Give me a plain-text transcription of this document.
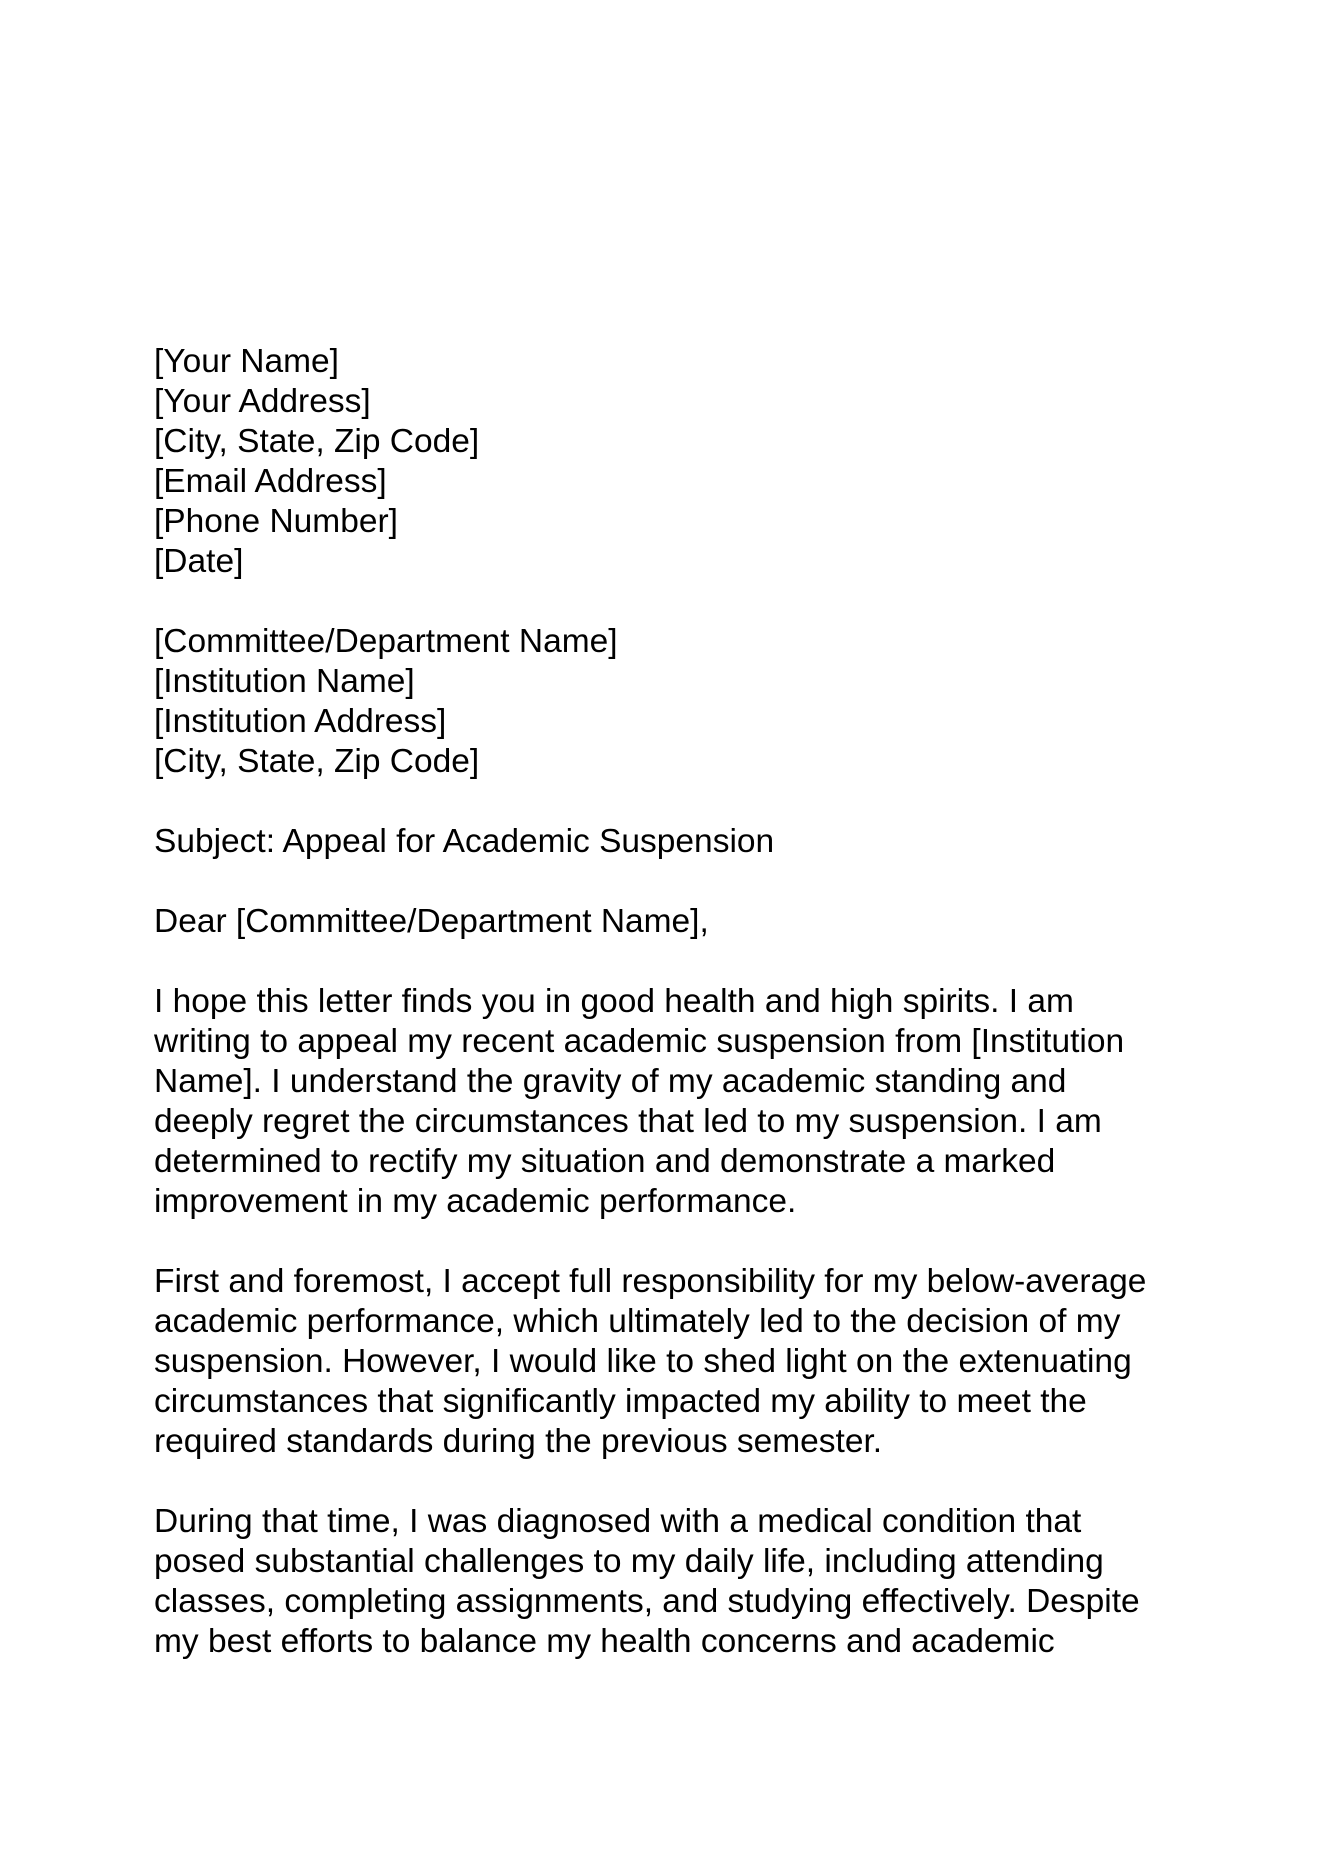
[Your Name]
[Your Address]
[City, State, Zip Code]
[Email Address]
[Phone Number]
[Date]
[Committee/Department Name]
[Institution Name]
[Institution Address]
[City, State, Zip Code]
Subject: Appeal for Academic Suspension
Dear [Committee/Department Name],
I hope this letter finds you in good health and high spirits. I am
writing to appeal my recent academic suspension from [Institution
Name]. I understand the gravity of my academic standing and
deeply regret the circumstances that led to my suspension. I am
determined to rectify my situation and demonstrate a marked
improvement in my academic performance.
First and foremost, I accept full responsibility for my below-average
academic performance, which ultimately led to the decision of my
suspension. However, I would like to shed light on the extenuating
circumstances that significantly impacted my ability to meet the
required standards during the previous semester.
During that time, I was diagnosed with a medical condition that
posed substantial challenges to my daily life, including attending
classes, completing assignments, and studying effectively. Despite
my best efforts to balance my health concerns and academic
